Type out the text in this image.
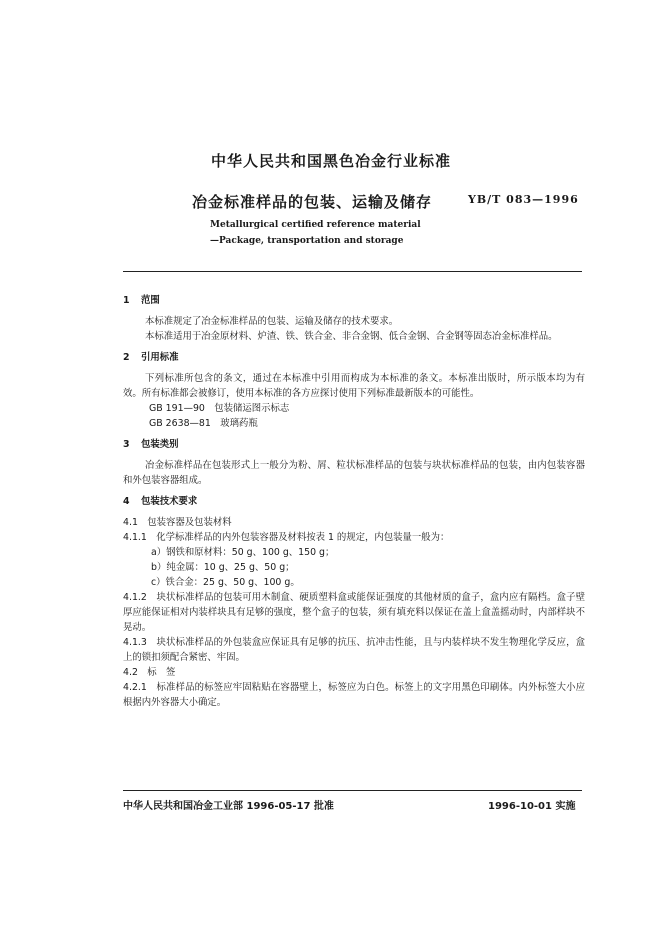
中华人民共和国黑色冶金行业标准
冶金标准样品的包装、运输及储存	YB/T 083—1996
Metallurgical certified reference material
—Package, transportation and storage
1 范围
本标准规定了冶金标准样品的包装、运输及储存的技术要求。
本标准适用于冶金原材料、炉渣、铁、铁合金、非合金钢、低合金钢、合金钢等固态冶金标准样品。
2 引用标准
下列标准所包含的条文，通过在本标准中引用而构成为本标准的条文。本标准出版时，所示版本均为有效。所有标准都会被修订，使用本标准的各方应探讨使用下列标准最新版本的可能性。
GB 191—90　包装储运图示标志
GB 2638—81　玻璃药瓶
3 包装类别
冶金标准样品在包装形式上一般分为粉、屑、粒状标准样品的包装与块状标准样品的包装，由内包装容器和外包装容器组成。
4 包装技术要求
4.1　包装容器及包装材料
4.1.1　化学标准样品的内外包装容器及材料按表 1 的规定，内包装量一般为：
a）钢铁和原材料：50 g、100 g、150 g；
b）纯金属：10 g、25 g、50 g；
c）铁合金：25 g、50 g、100 g。
4.1.2　块状标准样品的包装可用木制盒、硬质塑料盒或能保证强度的其他材质的盒子，盒内应有隔档。盒子壁厚应能保证相对内装样块具有足够的强度，整个盒子的包装，须有填充料以保证在盖上盒盖摇动时，内部样块不晃动。
4.1.3　块状标准样品的外包装盒应保证具有足够的抗压、抗冲击性能，且与内装样块不发生物理化学反应，盒上的锁扣须配合紧密、牢固。
4.2　标　签
4.2.1　标准样品的标签应牢固粘贴在容器壁上，标签应为白色。标签上的文字用黑色印刷体。内外标签大小应根据内外容器大小确定。
中华人民共和国冶金工业部 1996-05-17 批准	1996-10-01 实施
